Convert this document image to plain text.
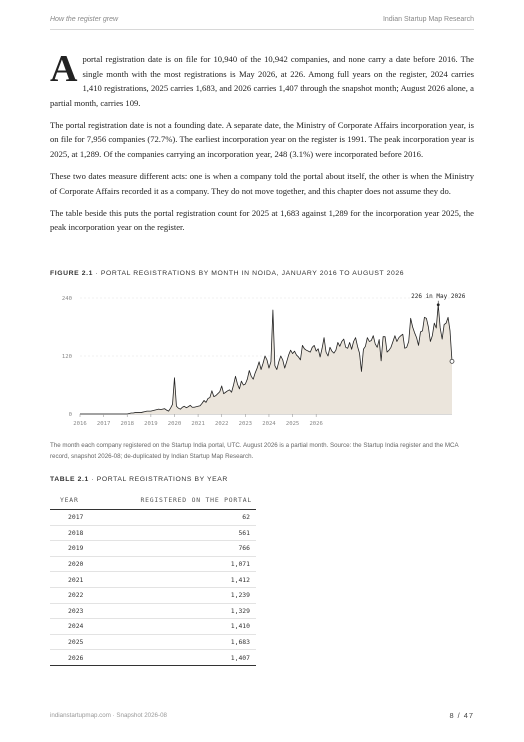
How the register grew	Indian Startup Map Research

Aportal registration date is on file for 10,940 of the 10,942 companies, and none carry a date before 2016. The single month with the most registrations is May 2026, at 226. Among full years on the register, 2024 carries 1,410 registrations, 2025 carries 1,683, and 2026 carries 1,407 through the snapshot month; August 2026 alone, a partial month, carries 109.

The portal registration date is not a founding date. A separate date, the Ministry of Corporate Affairs incorporation year, is on file for 7,956 companies (72.7%). The earliest incorporation year on the register is 1991. The peak incorporation year is 2025, at 1,289. Of the companies carrying an incorporation year, 248 (3.1%) were incorporated before 2016.

These two dates measure different acts: one is when a company told the portal about itself, the other is when the Ministry of Corporate Affairs recorded it as a company. They do not move together, and this chapter does not assume they do.

The table beside this puts the portal registration count for 2025 at 1,683 against 1,289 for the incorporation year 2025, the peak incorporation year on the register.

FIGURE 2.1 · PORTAL REGISTRATIONS BY MONTH IN NOIDA, JANUARY 2016 TO AUGUST 2026
0
120
240
2016 2017 2018 2019 2020 2021 2022 2023 2024 2025 2026
226 in May 2026
The month each company registered on the Startup India portal, UTC. August 2026 is a partial month. Source: the Startup India register and the MCA record, snapshot 2026-08; de-duplicated by Indian Startup Map Research.
TABLE 2.1 · PORTAL REGISTRATIONS BY YEAR
YEAR	REGISTERED ON THE PORTAL
2017	62
2018	561
2019	766
2020	1,071
2021	1,412
2022	1,239
2023	1,329
2024	1,410
2025	1,683
2026	1,407
indianstartupmap.com · Snapshot 2026-08	8 / 47
